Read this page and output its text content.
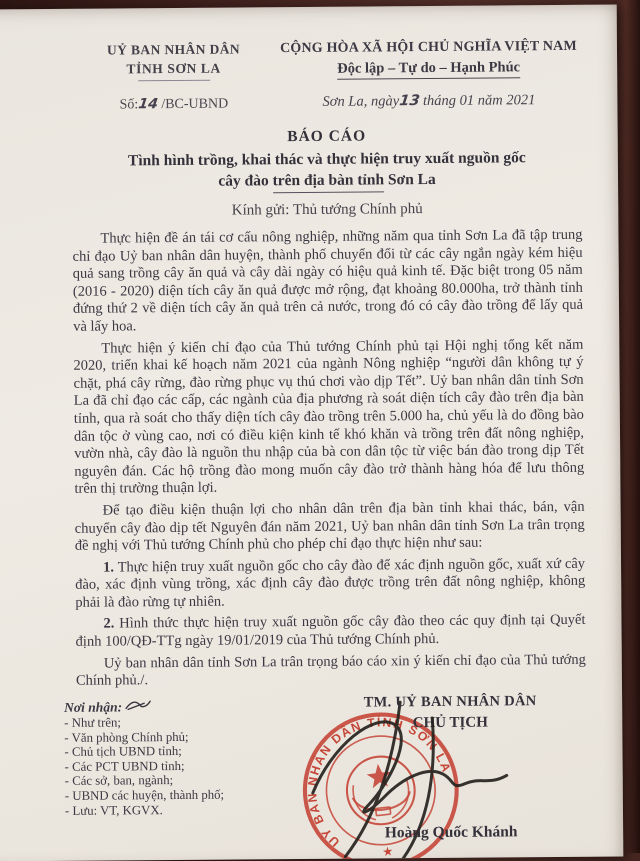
UỶ BAN NHÂN DÂN
TỈNH SƠN LA
Số:14 /BC-UBND
CỘNG HÒA XÃ HỘI CHỦ NGHĨA VIỆT NAM
Độc lập – Tự do – Hạnh Phúc
Sơn La, ngày13 tháng 01 năm 2021
BÁO CÁO
Tình hình trồng, khai thác và thực hiện truy xuất nguồn gốc
cây đào trên địa bàn tỉnh Sơn La
Kính gửi: Thủ tướng Chính phủ

Thực hiện đề án tái cơ cấu nông nghiệp, những năm qua tỉnh Sơn La đã tập trung chỉ đạo Uỷ ban nhân dân huyện, thành phố chuyển đổi từ các cây ngắn ngày kém hiệu quả sang trồng cây ăn quả và cây dài ngày có hiệu quả kinh tế. Đặc biệt trong 05 năm (2016 - 2020) diện tích cây ăn quả được mở rộng, đạt khoảng 80.000ha, trở thành tỉnh đứng thứ 2 về diện tích cây ăn quả trên cả nước, trong đó có cây đào trồng để lấy quả và lấy hoa.

Thực hiện ý kiến chỉ đạo của Thủ tướng Chính phủ tại Hội nghị tổng kết năm 2020, triển khai kế hoạch năm 2021 của ngành Nông nghiệp “người dân không tự ý chặt, phá cây rừng, đào rừng phục vụ thú chơi vào dịp Tết”. Uỷ ban nhân dân tỉnh Sơn La đã chỉ đạo các cấp, các ngành của địa phương rà soát diện tích cây đào trên địa bàn tỉnh, qua rà soát cho thấy diện tích cây đào trồng trên 5.000 ha, chủ yếu là do đồng bào dân tộc ở vùng cao, nơi có điều kiện kinh tế khó khăn và trồng trên đất nông nghiệp, vườn nhà, cây đào là nguồn thu nhập của bà con dân tộc từ việc bán đào trong dịp Tết nguyên đán. Các hộ trồng đào mong muốn cây đào trở thành hàng hóa để lưu thông trên thị trường thuận lợi.

Để tạo điều kiện thuận lợi cho nhân dân trên địa bàn tỉnh khai thác, bán, vận chuyển cây đào dịp tết Nguyên đán năm 2021, Uỷ ban nhân dân tỉnh Sơn La trân trọng đề nghị với Thủ tướng Chính phủ cho phép chỉ đạo thực hiện như sau:

1. Thực hiện truy xuất nguồn gốc cho cây đào để xác định nguồn gốc, xuất xứ cây đào, xác định vùng trồng, xác định cây đào được trồng trên đất nông nghiệp, không phải là đào rừng tự nhiên.

2. Hình thức thực hiện truy xuất nguồn gốc cây đào theo các quy định tại Quyết định 100/QĐ-TTg ngày 19/01/2019 của Thủ tướng Chính phủ.

Uỷ ban nhân dân tỉnh Sơn La trân trọng báo cáo xin ý kiến chỉ đạo của Thủ tướng Chính phủ./.

Nơi nhận:
- Như trên;
- Văn phòng Chính phủ;
- Chủ tịch UBND tỉnh;
- Các PCT UBND tỉnh;
- Các sở, ban, ngành;
- UBND các huyện, thành phố;
- Lưu: VT, KGVX.
UỶ BAN NHÂN DÂN TỈNH SƠN LA
★
TM. UỶ BAN NHÂN DÂN
CHỦ TỊCH
Hoàng Quốc Khánh
